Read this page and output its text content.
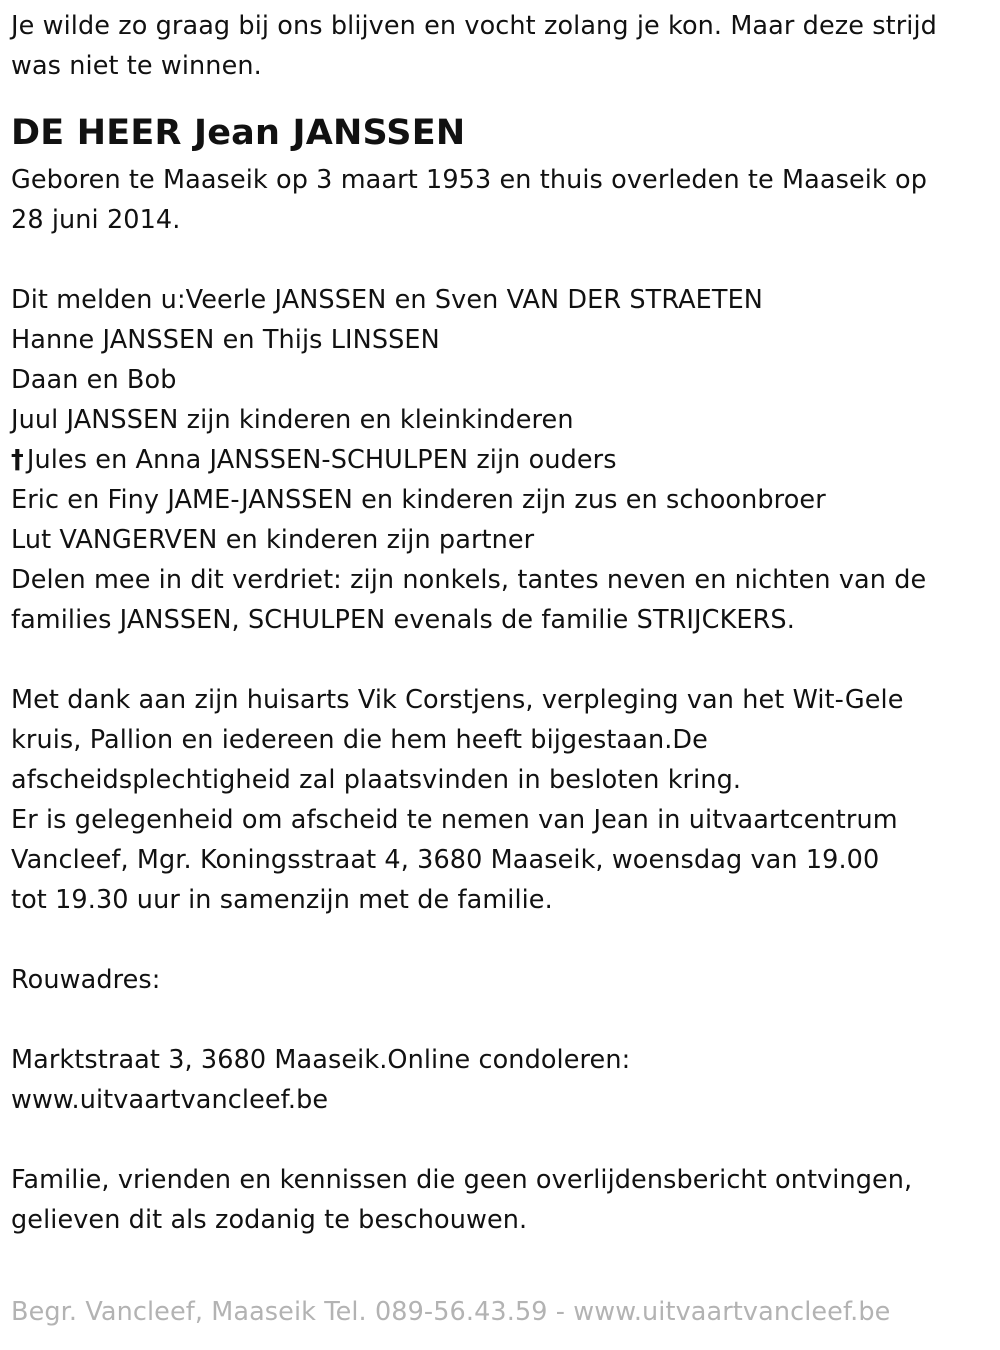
Je wilde zo graag bij ons blijven en vocht zolang je kon. Maar deze strijd

was niet te winnen.

DE HEER Jean JANSSEN

Geboren te Maaseik op 3 maart 1953 en thuis overleden te Maaseik op

28 juni 2014.

Dit melden u:Veerle JANSSEN en Sven VAN DER STRAETEN

Hanne JANSSEN en Thijs LINSSEN

Daan en Bob

Juul JANSSEN zijn kinderen en kleinkinderen

† Jules en Anna JANSSEN-SCHULPEN zijn ouders

Eric en Finy JAME-JANSSEN en kinderen zijn zus en schoonbroer

Lut VANGERVEN en kinderen zijn partner

Delen mee in dit verdriet: zijn nonkels, tantes neven en nichten van de

families JANSSEN, SCHULPEN evenals de familie STRIJCKERS.

Met dank aan zijn huisarts Vik Corstjens, verpleging van het Wit-Gele

kruis, Pallion en iedereen die hem heeft bijgestaan.De

afscheidsplechtigheid zal plaatsvinden in besloten kring.

Er is gelegenheid om afscheid te nemen van Jean in uitvaartcentrum

Vancleef, Mgr. Koningsstraat 4, 3680 Maaseik, woensdag van 19.00

tot 19.30 uur in samenzijn met de familie.

Rouwadres:

Marktstraat 3, 3680 Maaseik.Online condoleren:

www.uitvaartvancleef.be

Familie, vrienden en kennissen die geen overlijdensbericht ontvingen,

gelieven dit als zodanig te beschouwen.

Begr. Vancleef, Maaseik Tel. 089-56.43.59 - www.uitvaartvancleef.be
